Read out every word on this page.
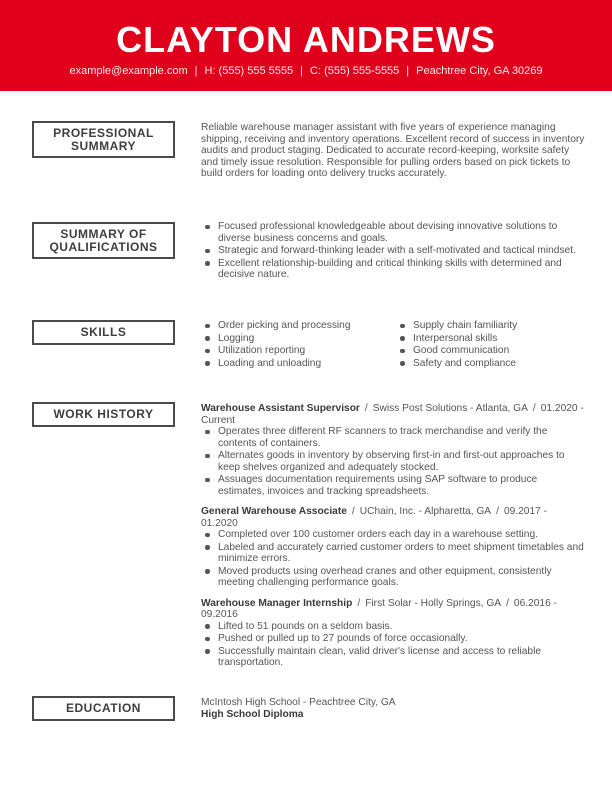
CLAYTON ANDREWS
example@example.com | H: (555) 555 5555 | C: (555) 555-5555 | Peachtree City, GA 30269
PROFESSIONAL SUMMARY

Reliable warehouse manager assistant with five years of experience managing shipping, receiving and inventory operations. Excellent record of success in inventory audits and product staging. Dedicated to accurate record-keeping, worksite safety and timely issue resolution. Responsible for pulling orders based on pick tickets to build orders for loading onto delivery trucks accurately.

SUMMARY OF QUALIFICATIONS
Focused professional knowledgeable about devising innovative solutions to diverse business concerns and goals.
Strategic and forward-thinking leader with a self-motivated and tactical mindset.
Excellent relationship-building and critical thinking skills with determined and decisive nature.
SKILLS	Order picking and processing	Supply chain familiarity
Logging	Interpersonal skills
Utilization reporting	Good communication
Loading and unloading	Safety and compliance
WORK HISTORY	Warehouse Assistant Supervisor / Swiss Post Solutions - Atlanta, GA / 01.2020 - Current
Operates three different RF scanners to track merchandise and verify the contents of containers.
Alternates goods in inventory by observing first-in and first-out approaches to keep shelves organized and adequately stocked.
Assuages documentation requirements using SAP software to produce estimates, invoices and tracking spreadsheets.
General Warehouse Associate / UChain, Inc. - Alpharetta, GA / 09.2017 - 01.2020
Completed over 100 customer orders each day in a warehouse setting.
Labeled and accurately carried customer orders to meet shipment timetables and minimize errors.
Moved products using overhead cranes and other equipment, consistently meeting challenging performance goals.
Warehouse Manager Internship / First Solar - Holly Springs, GA / 06.2016 - 09.2016
Lifted to 51 pounds on a seldom basis.
Pushed or pulled up to 27 pounds of force occasionally.
Successfully maintain clean, valid driver's license and access to reliable transportation.
EDUCATION	McIntosh High School - Peachtree City, GA
High School Diploma
